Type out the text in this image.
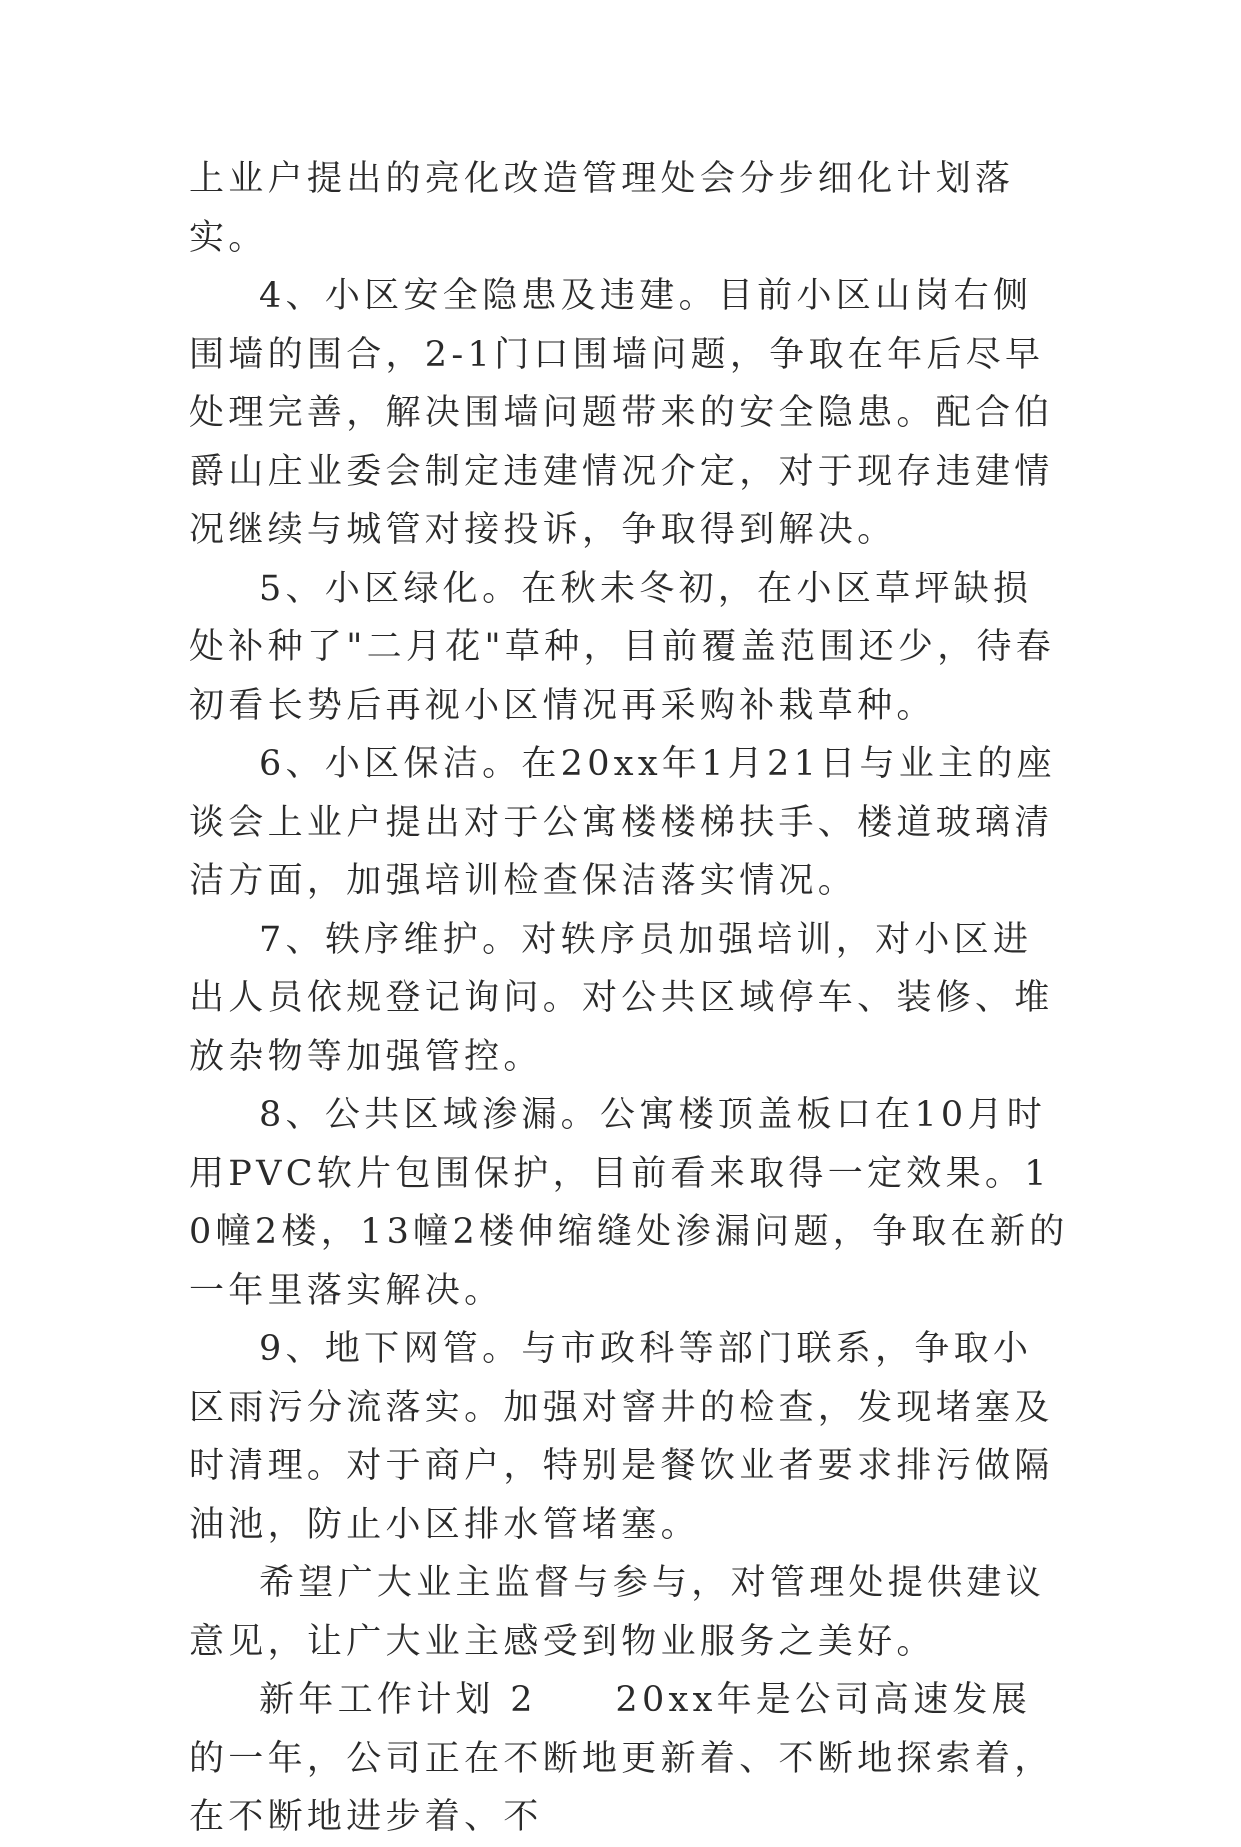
上业户提出的亮化改造管理处会分步细化计划落实。

4、小区安全隐患及违建。目前小区山岗右侧围墙的围合，2-1门口围墙问题，争取在年后尽早处理完善，解决围墙问题带来的安全隐患。配合伯爵山庄业委会制定违建情况介定，对于现存违建情况继续与城管对接投诉，争取得到解决。

5、小区绿化。在秋未冬初，在小区草坪缺损处补种了"二月花"草种，目前覆盖范围还少，待春初看长势后再视小区情况再采购补栽草种。

6、小区保洁。在20xx年1月21日与业主的座谈会上业户提出对于公寓楼楼梯扶手、楼道玻璃清洁方面，加强培训检查保洁落实情况。

7、轶序维护。对轶序员加强培训，对小区进出人员依规登记询问。对公共区域停车、装修、堆放杂物等加强管控。

8、公共区域渗漏。公寓楼顶盖板口在10月时用PVC软片包围保护，目前看来取得一定效果。10幢2楼，13幢2楼伸缩缝处渗漏问题，争取在新的一年里落实解决。

9、地下网管。与市政科等部门联系，争取小区雨污分流落实。加强对窨井的检查，发现堵塞及时清理。对于商户，特别是餐饮业者要求排污做隔油池，防止小区排水管堵塞。

希望广大业主监督与参与，对管理处提供建议意见，让广大业主感受到物业服务之美好。

新年工作计划 2　　20xx年是公司高速发展的一年，公司正在不断地更新着、不断地探索着，在不断地进步着、不
